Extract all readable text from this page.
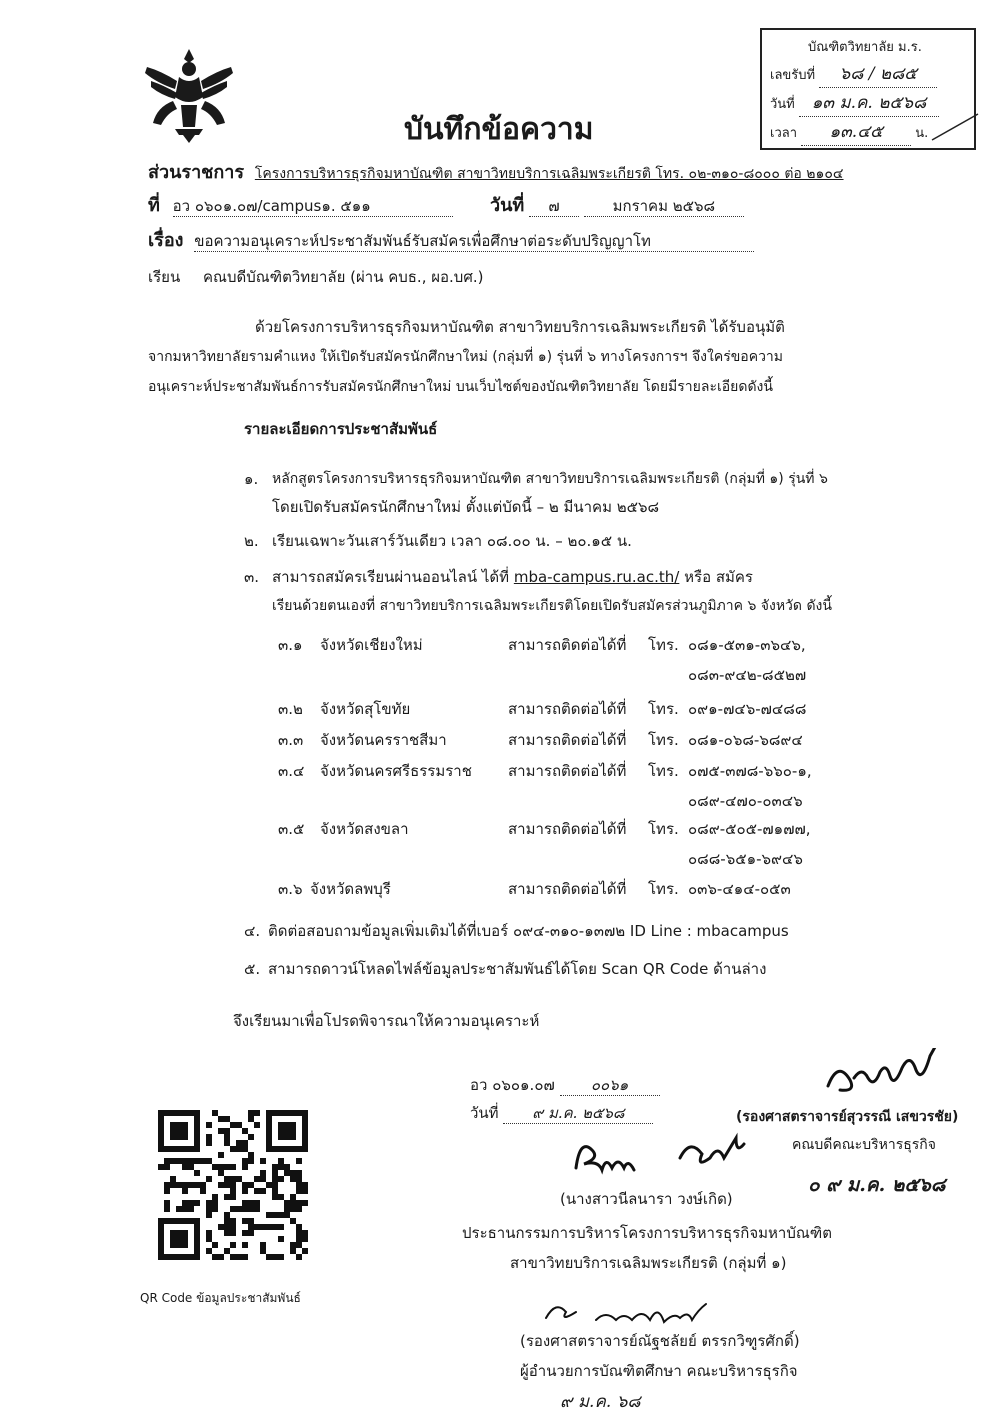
บัณฑิตวิทยาลัย ม.ร.
เลขรับที่ ๖๘ / ๒๘๕
วันที่ ๑๓ ม.ค. ๒๕๖๘
เวลา ๑๓.๔๕ น.
บันทึกข้อความ
ส่วนราชการ โครงการบริหารธุรกิจมหาบัณฑิต สาขาวิทยบริการเฉลิมพระเกียรติ โทร. ๐๒-๓๑๐-๘๐๐๐ ต่อ ๒๑๐๔
ที่ อว ๐๖๐๑.๐๗/campus๑. ๕๑๑	วันที่ ๗	มกราคม ๒๕๖๘
เรื่อง ขอความอนุเคราะห์ประชาสัมพันธ์รับสมัครเพื่อศึกษาต่อระดับปริญญาโท
เรียน คณบดีบัณฑิตวิทยาลัย (ผ่าน คบธ., ผอ.บศ.)
ด้วยโครงการบริหารธุรกิจมหาบัณฑิต สาขาวิทยบริการเฉลิมพระเกียรติ ได้รับอนุมัติ
จากมหาวิทยาลัยรามคำแหง ให้เปิดรับสมัครนักศึกษาใหม่ (กลุ่มที่ ๑) รุ่นที่ ๖ ทางโครงการฯ จึงใคร่ขอความ
อนุเคราะห์ประชาสัมพันธ์การรับสมัครนักศึกษาใหม่ บนเว็บไซต์ของบัณฑิตวิทยาลัย โดยมีรายละเอียดดังนี้
รายละเอียดการประชาสัมพันธ์
๑. หลักสูตรโครงการบริหารธุรกิจมหาบัณฑิต สาขาวิทยบริการเฉลิมพระเกียรติ (กลุ่มที่ ๑) รุ่นที่ ๖
โดยเปิดรับสมัครนักศึกษาใหม่ ตั้งแต่บัดนี้ – ๒ มีนาคม ๒๕๖๘
๒. เรียนเฉพาะวันเสาร์วันเดียว เวลา ๐๘.๐๐ น. – ๒๐.๑๕ น.
๓. สามารถสมัครเรียนผ่านออนไลน์ ได้ที่ mba-campus.ru.ac.th/ หรือ สมัคร
เรียนด้วยตนเองที่ สาขาวิทยบริการเฉลิมพระเกียรติโดยเปิดรับสมัครส่วนภูมิภาค ๖ จังหวัด ดังนี้
๓.๑ จังหวัดเชียงใหม่	สามารถติดต่อได้ที่ โทร. ๐๘๑-๕๓๑-๓๖๔๖,
๐๘๓-๙๔๒-๘๕๒๗
๓.๒ จังหวัดสุโขทัย	สามารถติดต่อได้ที่ โทร. ๐๙๑-๗๔๖-๗๔๘๘
๓.๓ จังหวัดนครราชสีมา	สามารถติดต่อได้ที่ โทร. ๐๘๑-๐๖๘-๖๘๙๔
๓.๔ จังหวัดนครศรีธรรมราช สามารถติดต่อได้ที่ โทร. ๐๗๕-๓๗๘-๖๖๐-๑,
๐๘๙-๔๗๐-๐๓๔๖
๓.๕ จังหวัดสงขลา	สามารถติดต่อได้ที่ โทร. ๐๘๙-๕๐๕-๗๑๗๗,
๐๘๘-๖๕๑-๖๙๔๖
๓.๖ จังหวัดลพบุรี	สามารถติดต่อได้ที่ โทร. ๐๓๖-๔๑๔-๐๕๓
๔. ติดต่อสอบถามข้อมูลเพิ่มเติมได้ที่เบอร์ ๐๙๔-๓๑๐-๑๓๗๒ ID Line : mbacampus
๕. สามารถดาวน์โหลดไฟล์ข้อมูลประชาสัมพันธ์ได้โดย Scan QR Code ด้านล่าง
จึงเรียนมาเพื่อโปรดพิจารณาให้ความอนุเคราะห์
อว ๐๖๐๑.๐๗ ๐๐๖๑
วันที่ ๙ ม.ค. ๒๕๖๘	(รองศาสตราจารย์สุวรรณี เสขวรชัย)
คณบดีคณะบริหารธุรกิจ
๐ ๙ ม.ค. ๒๕๖๘
(นางสาวนีลนารา วงษ์เกิด)
ประธานกรรมการบริหารโครงการบริหารธุรกิจมหาบัณฑิต
สาขาวิทยบริการเฉลิมพระเกียรติ (กลุ่มที่ ๑)
(รองศาสตราจารย์ณัฐชลัยย์ ตรรกวิฑูรศักดิ์)
ผู้อำนวยการบัณฑิตศึกษา คณะบริหารธุรกิจ
๙ ม.ค. ๖๘
QR Code ข้อมูลประชาสัมพันธ์
